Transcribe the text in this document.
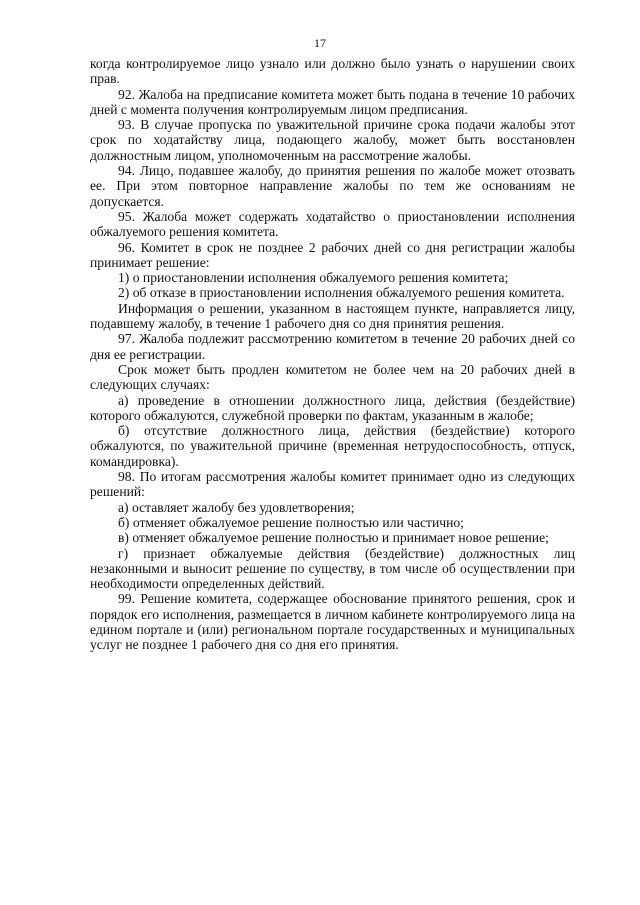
17

когда контролируемое лицо узнало или должно было узнать о нарушении своих прав.

92. Жалоба на предписание комитета может быть подана в течение 10 рабочих дней с момента получения контролируемым лицом предписания.

93. В случае пропуска по уважительной причине срока подачи жалобы этот срок по ходатайству лица, подающего жалобу, может быть восстановлен должностным лицом, уполномоченным на рассмотрение жалобы.

94. Лицо, подавшее жалобу, до принятия решения по жалобе может отозвать ее. При этом повторное направление жалобы по тем же основаниям не допускается.

95. Жалоба может содержать ходатайство о приостановлении исполнения обжалуемого решения комитета.

96. Комитет в срок не позднее 2 рабочих дней со дня регистрации жалобы принимает решение:

1) о приостановлении исполнения обжалуемого решения комитета;

2) об отказе в приостановлении исполнения обжалуемого решения комитета.

Информация о решении, указанном в настоящем пункте, направляется лицу, подавшему жалобу, в течение 1 рабочего дня со дня принятия решения.

97. Жалоба подлежит рассмотрению комитетом в течение 20 рабочих дней со дня ее регистрации.

Срок может быть продлен комитетом не более чем на 20 рабочих дней в следующих случаях:

а) проведение в отношении должностного лица, действия (бездействие) которого обжалуются, служебной проверки по фактам, указанным в жалобе;

б) отсутствие должностного лица, действия (бездействие) которого обжалуются, по уважительной причине (временная нетрудоспособность, отпуск, командировка).

98. По итогам рассмотрения жалобы комитет принимает одно из следующих решений:

а) оставляет жалобу без удовлетворения;

б) отменяет обжалуемое решение полностью или частично;

в) отменяет обжалуемое решение полностью и принимает новое решение;

г) признает обжалуемые действия (бездействие) должностных лиц незаконными и выносит решение по существу, в том числе об осуществлении при необходимости определенных действий.

99. Решение комитета, содержащее обоснование принятого решения, срок и порядок его исполнения, размещается в личном кабинете контролируемого лица на едином портале и (или) региональном портале государственных и муниципальных услуг не позднее 1 рабочего дня со дня его принятия.
